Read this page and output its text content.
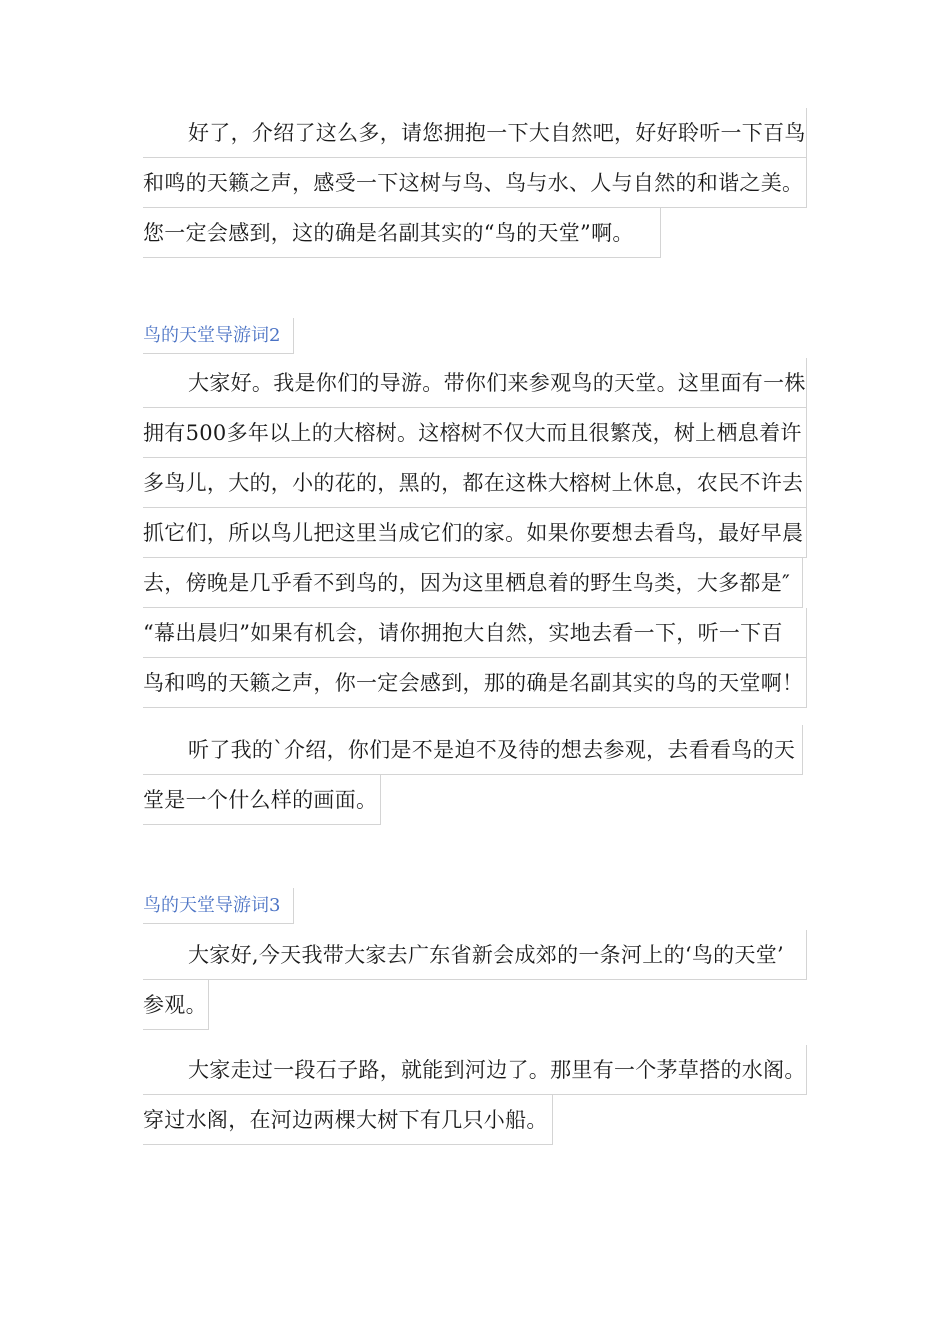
好了，介绍了这么多，请您拥抱一下大自然吧，好好聆听一下百鸟
和鸣的天籁之声，感受一下这树与鸟、鸟与水、人与自然的和谐之美。
您一定会感到，这的确是名副其实的“鸟的天堂”啊。
鸟的天堂导游词2
大家好。我是你们的导游。带你们来参观鸟的天堂。这里面有一株
拥有500多年以上的大榕树。这榕树不仅大而且很繁茂，树上栖息着许
多鸟儿，大的，小的花的，黑的，都在这株大榕树上休息，农民不许去
抓它们，所以鸟儿把这里当成它们的家。如果你要想去看鸟，最好早晨
去，傍晚是几乎看不到鸟的，因为这里栖息着的野生鸟类，大多都是″
“幕出晨归”如果有机会，请你拥抱大自然，实地去看一下，听一下百
鸟和鸣的天籁之声，你一定会感到，那的确是名副其实的鸟的天堂啊！
听了我的`介绍，你们是不是迫不及待的想去参观，去看看鸟的天
堂是一个什么样的画面。
鸟的天堂导游词3
大家好,今天我带大家去广东省新会成郊的一条河上的‘鸟的天堂’
参观。
大家走过一段石子路，就能到河边了。那里有一个茅草搭的水阁。
穿过水阁，在河边两棵大树下有几只小船。
